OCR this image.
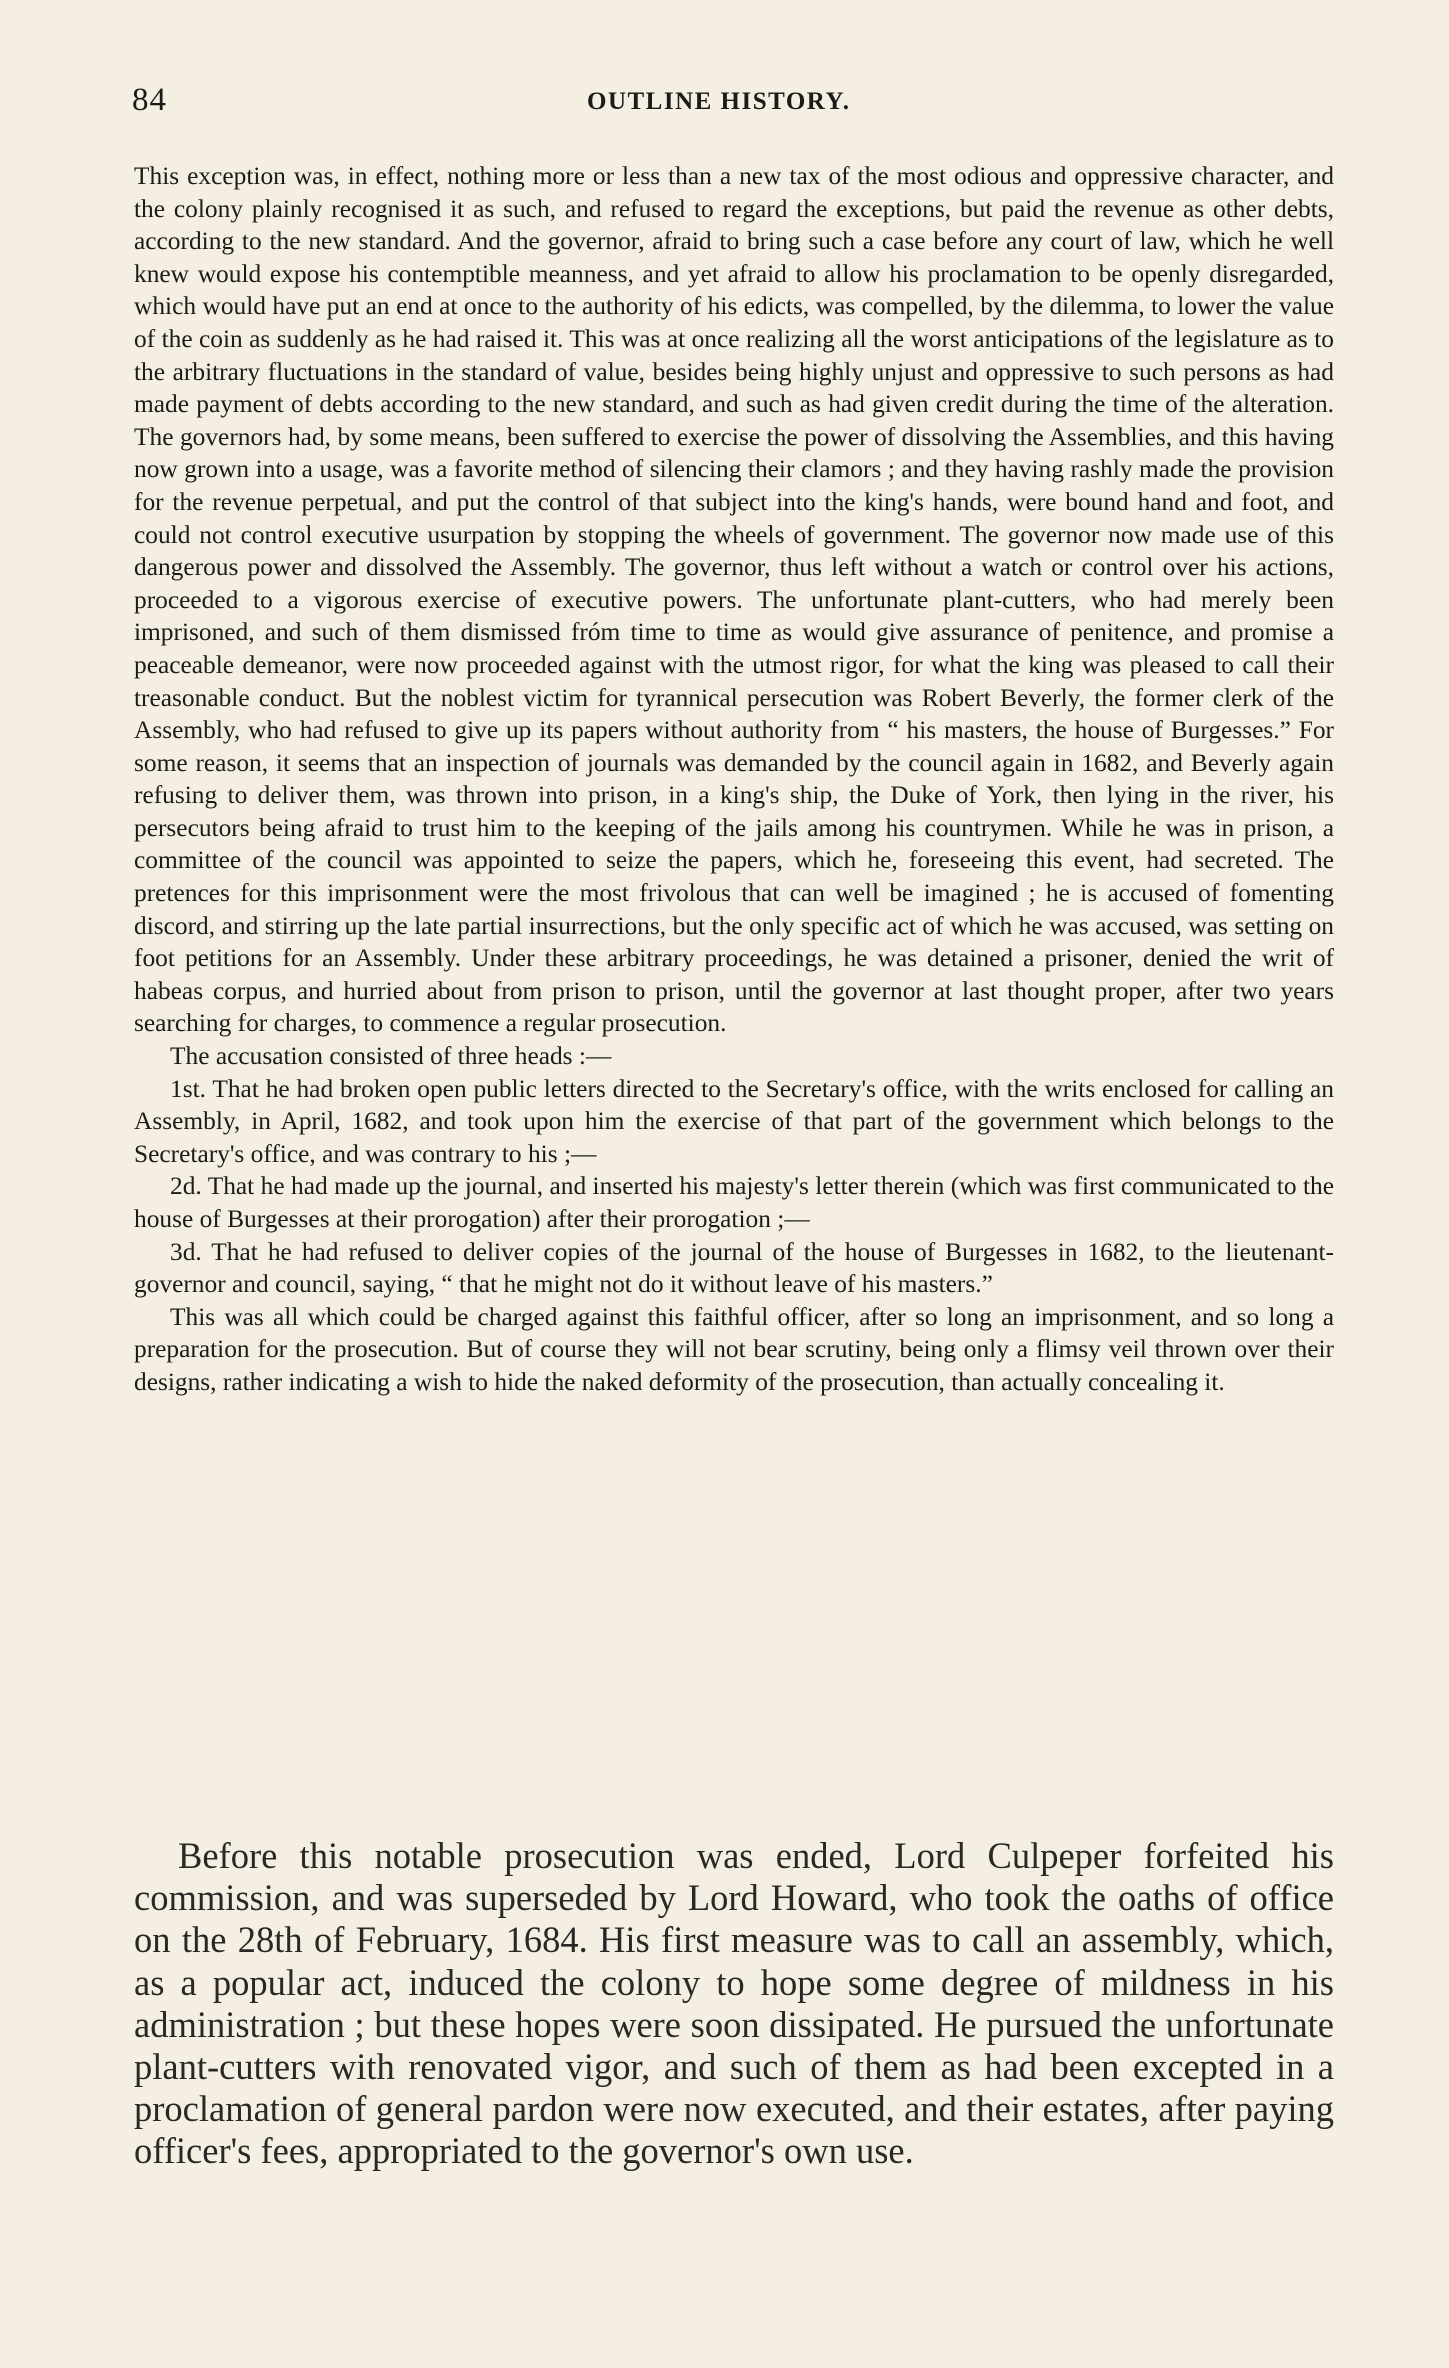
84	OUTLINE HISTORY.

This exception was, in effect, nothing more or less than a new tax of the most odious and oppressive character, and the colony plainly recognised it as such, and refused to regard the exceptions, but paid the revenue as other debts, according to the new standard. And the governor, afraid to bring such a case before any court of law, which he well knew would expose his contemptible meanness, and yet afraid to allow his proclamation to be openly disregarded, which would have put an end at once to the authority of his edicts, was compelled, by the dilemma, to lower the value of the coin as suddenly as he had raised it. This was at once realizing all the worst anticipations of the legislature as to the arbitrary fluctuations in the standard of value, besides being highly unjust and oppressive to such persons as had made payment of debts according to the new standard, and such as had given credit during the time of the alteration. The governors had, by some means, been suffered to exercise the power of dissolving the Assemblies, and this having now grown into a usage, was a favorite method of silencing their clamors ; and they having rashly made the provision for the revenue perpetual, and put the control of that subject into the king's hands, were bound hand and foot, and could not control executive usurpation by stopping the wheels of government. The governor now made use of this dangerous power and dissolved the Assembly. The governor, thus left without a watch or control over his actions, proceeded to a vigorous exercise of executive powers. The unfortunate plant-cutters, who had merely been imprisoned, and such of them dismissed fróm time to time as would give assurance of penitence, and promise a peaceable demeanor, were now proceeded against with the utmost rigor, for what the king was pleased to call their treasonable conduct. But the noblest victim for tyrannical persecution was Robert Beverly, the former clerk of the Assembly, who had refused to give up its papers without authority from “ his masters, the house of Burgesses.” For some reason, it seems that an inspection of journals was demanded by the council again in 1682, and Beverly again refusing to deliver them, was thrown into prison, in a king's ship, the Duke of York, then lying in the river, his persecutors being afraid to trust him to the keeping of the jails among his countrymen. While he was in prison, a committee of the council was appointed to seize the papers, which he, foreseeing this event, had secreted. The pretences for this imprisonment were the most frivolous that can well be imagined ; he is accused of fomenting discord, and stirring up the late partial insurrections, but the only specific act of which he was accused, was setting on foot petitions for an Assembly. Under these arbitrary proceedings, he was detained a prisoner, denied the writ of habeas corpus, and hurried about from prison to prison, until the governor at last thought proper, after two years searching for charges, to commence a regular prosecution.

The accusation consisted of three heads :—

1st. That he had broken open public letters directed to the Secretary's office, with the writs enclosed for calling an Assembly, in April, 1682, and took upon him the exercise of that part of the government which belongs to the Secretary's office, and was contrary to his ;—

2d. That he had made up the journal, and inserted his majesty's letter therein (which was first communicated to the house of Burgesses at their prorogation) after their prorogation ;—

3d. That he had refused to deliver copies of the journal of the house of Burgesses in 1682, to the lieutenant-governor and council, saying, “ that he might not do it without leave of his masters.”

This was all which could be charged against this faithful officer, after so long an imprisonment, and so long a preparation for the prosecution. But of course they will not bear scrutiny, being only a flimsy veil thrown over their designs, rather indicating a wish to hide the naked deformity of the prosecution, than actually concealing it.

Before this notable prosecution was ended, Lord Culpeper forfeited his commission, and was superseded by Lord Howard, who took the oaths of office on the 28th of February, 1684. His first measure was to call an assembly, which, as a popular act, induced the colony to hope some degree of mildness in his administration ; but these hopes were soon dissipated. He pursued the unfortunate plant-cutters with renovated vigor, and such of them as had been excepted in a proclamation of general pardon were now executed, and their estates, after paying officer's fees, appropriated to the governor's own use.
